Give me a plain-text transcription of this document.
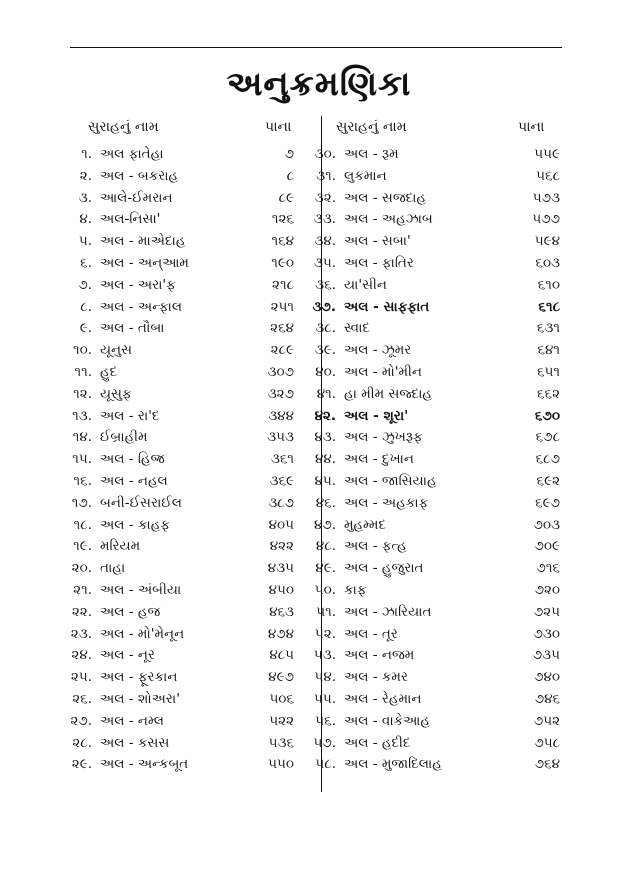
અનુક્રમણિકા
સુરાહનું નામ	પાના	સુરાહનું નામ	પાના
૧. અલ ફાતેહા	૭
૨. અલ - બકરાહ	૮
૩. આલે-ઈમરાન	૮૯
૪. અલ-નિસા'	૧૨૬
૫. અલ - માએદાહ	૧૬૪
૬. અલ - અન્આમ	૧૯૦
૭. અલ - અરા'ફ	૨૧૮
૮. અલ - અન્ફાલ	૨૫૧
૯. અલ - તૌબા	૨૬૪
૧૦. યૂનુસ	૨૮૯
૧૧. હુદ	૩૦૭
૧૨. યૂસુફ	૩૨૭
૧૩. અલ - રા'દ	૩૪૪
૧૪. ઈબ્રાહીમ	૩૫૩
૧૫. અલ - હિજ્ર	૩૬૧
૧૬. અલ - નહલ	૩૬૯
૧૭. બની-ઈસરાઈલ	૩૮૭
૧૮. અલ - કાહફ	૪૦૫
૧૯. મરિયમ	૪૨૨
૨૦. તાહા	૪૩૫
૨૧. અલ - અંબીયા	૪૫૦
૨૨. અલ - હજ	૪૬૩
૨૩. અલ - મો'મેનૂન	૪૭૪
૨૪. અલ - નૂર	૪૮૫
૨૫. અલ - ફૂરકાન	૪૯૭
૨૬. અલ - શોઅરા'	૫૦૬
૨૭. અલ - નમ્લ	૫૨૨
૨૮. અલ - કસસ	૫૩૬
૨૯. અલ - અન્કબૂત	૫૫૦
૩૦. અલ - રૂમ	૫૫૯
૩૧. લુકમાન	૫૬૮
૩૨. અલ - સજદાહ	૫૭૩
૩૩. અલ - અહઝાબ	૫૭૭
૩૪. અલ - સબા'	૫૯૪
૩૫. અલ - ફાતિર	૬૦૩
૩૬. યા'સીન	૬૧૦
૩૭. અલ - સાફફાત	૬૧૮
૩૮. સ્વાદ	૬૩૧
૩૯. અલ - ઝૂમર	૬૪૧
૪૦. અલ - મો'મીન	૬૫૧
૪૧. હા મીમ સજ્દાહ	૬૬૨
૪૨. અલ - શૂરા'	૬૭૦
૪૩. અલ - ઝુખરૂફ	૬૭૮
૪૪. અલ - દુખાન	૬૮૭
૪૫. અલ - જાસિયાહ	૬૯૨
૪૬. અલ - અહકાફ	૬૯૭
૪૭. મુહમ્મદ	૭૦૩
૪૮. અલ - ફત્હ	૭૦૯
૪૯. અલ - હુજુરાત	૭૧૬
૫૦. કાફ	૭૨૦
૫૧. અલ - ઝારિયાત	૭૨૫
૫૨. અલ - તૂર	૭૩૦
૫૩. અલ - નજમ	૭૩૫
૫૪. અલ - કમર	૭૪૦
૫૫. અલ - રેહમાન	૭૪૬
૫૬. અલ - વાકેઆહ	૭૫૨
૫૭. અલ - હદીદ	૭૫૮
૫૮. અલ - મુજાદિલાહ	૭૬૪
